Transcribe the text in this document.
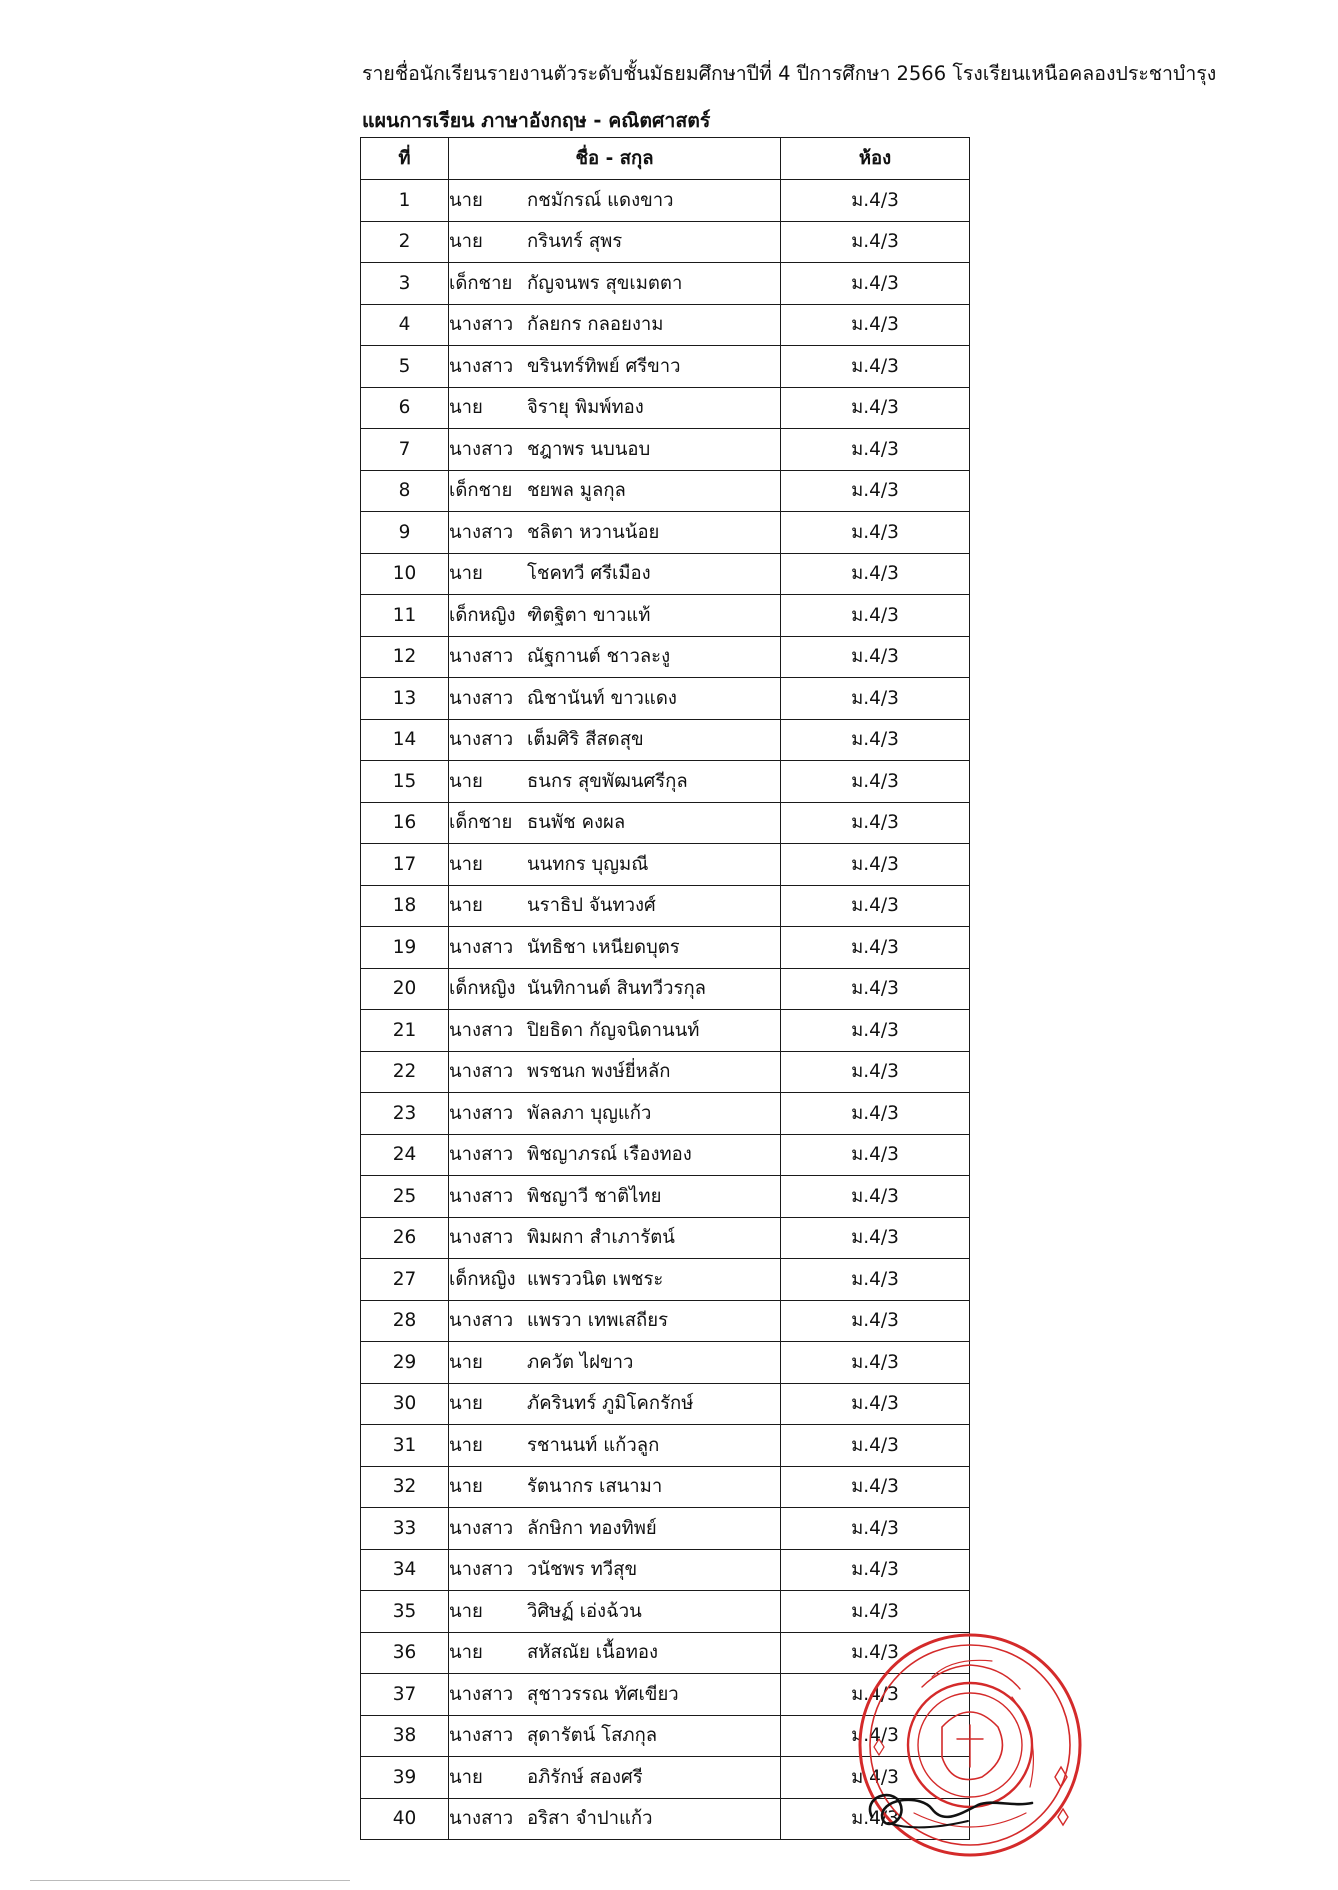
รายชื่อนักเรียนรายงานตัวระดับชั้นมัธยมศึกษาปีที่ 4 ปีการศึกษา 2566 โรงเรียนเหนือคลองประชาบำรุง
แผนการเรียน ภาษาอังกฤษ - คณิตศาสตร์
ที่	ชื่อ - สกุล	ห้อง
1	นาย กชมักรณ์ แดงขาว	ม.4/3
2	นาย กรินทร์ สุพร	ม.4/3
3	เด็กชาย กัญจนพร สุขเมตตา	ม.4/3
4	นางสาว กัลยกร กลอยงาม	ม.4/3
5	นางสาว ขรินทร์ทิพย์ ศรีขาว	ม.4/3
6	นาย จิรายุ พิมพ์ทอง	ม.4/3
7	นางสาว ชฎาพร นบนอบ	ม.4/3
8	เด็กชาย ชยพล มูลกุล	ม.4/3
9	นางสาว ชลิตา หวานน้อย	ม.4/3
10	นาย โชคทวี ศรีเมือง	ม.4/3
11	เด็กหญิง ฑิตฐิตา ขาวแท้	ม.4/3
12	นางสาว ณัฐกานต์ ชาวละงู	ม.4/3
13	นางสาว ณิชานันท์ ขาวแดง	ม.4/3
14	นางสาว เต็มศิริ สีสดสุข	ม.4/3
15	นาย ธนกร สุขพัฒนศรีกุล	ม.4/3
16	เด็กชาย ธนพัช คงผล	ม.4/3
17	นาย นนทกร บุญมณี	ม.4/3
18	นาย นราธิป จันทวงศ์	ม.4/3
19	นางสาว นัทธิชา เหนียดบุตร	ม.4/3
20	เด็กหญิง นันทิกานต์ สินทวีวรกุล	ม.4/3
21	นางสาว ปิยธิดา กัญจนิดานนท์	ม.4/3
22	นางสาว พรชนก พงษ์ยี่หลัก	ม.4/3
23	นางสาว พัลลภา บุญแก้ว	ม.4/3
24	นางสาว พิชญาภรณ์ เรืองทอง	ม.4/3
25	นางสาว พิชญาวี ชาติไทย	ม.4/3
26	นางสาว พิมผกา สำเภารัตน์	ม.4/3
27	เด็กหญิง แพรววนิต เพชระ	ม.4/3
28	นางสาว แพรวา เทพเสถียร	ม.4/3
29	นาย ภควัต ไฝขาว	ม.4/3
30	นาย ภัครินทร์ ภูมิโคกรักษ์	ม.4/3
31	นาย รชานนท์ แก้วลูก	ม.4/3
32	นาย รัตนากร เสนามา	ม.4/3
33	นางสาว ลักษิกา ทองทิพย์	ม.4/3
34	นางสาว วนัชพร ทวีสุข	ม.4/3
35	นาย วิศิษฏ์ เอ่งฉ้วน	ม.4/3
36	นาย สหัสณัย เนื้อทอง	ม.4/3
37	นางสาว สุชาวรรณ ทัศเขียว	ม.4/3
38	นางสาว สุดารัตน์ โสภกุล	ม.4/3
39	นาย อภิรักษ์ สองศรี	ม.4/3
40	นางสาว อริสา จำปาแก้ว	ม.4/3
